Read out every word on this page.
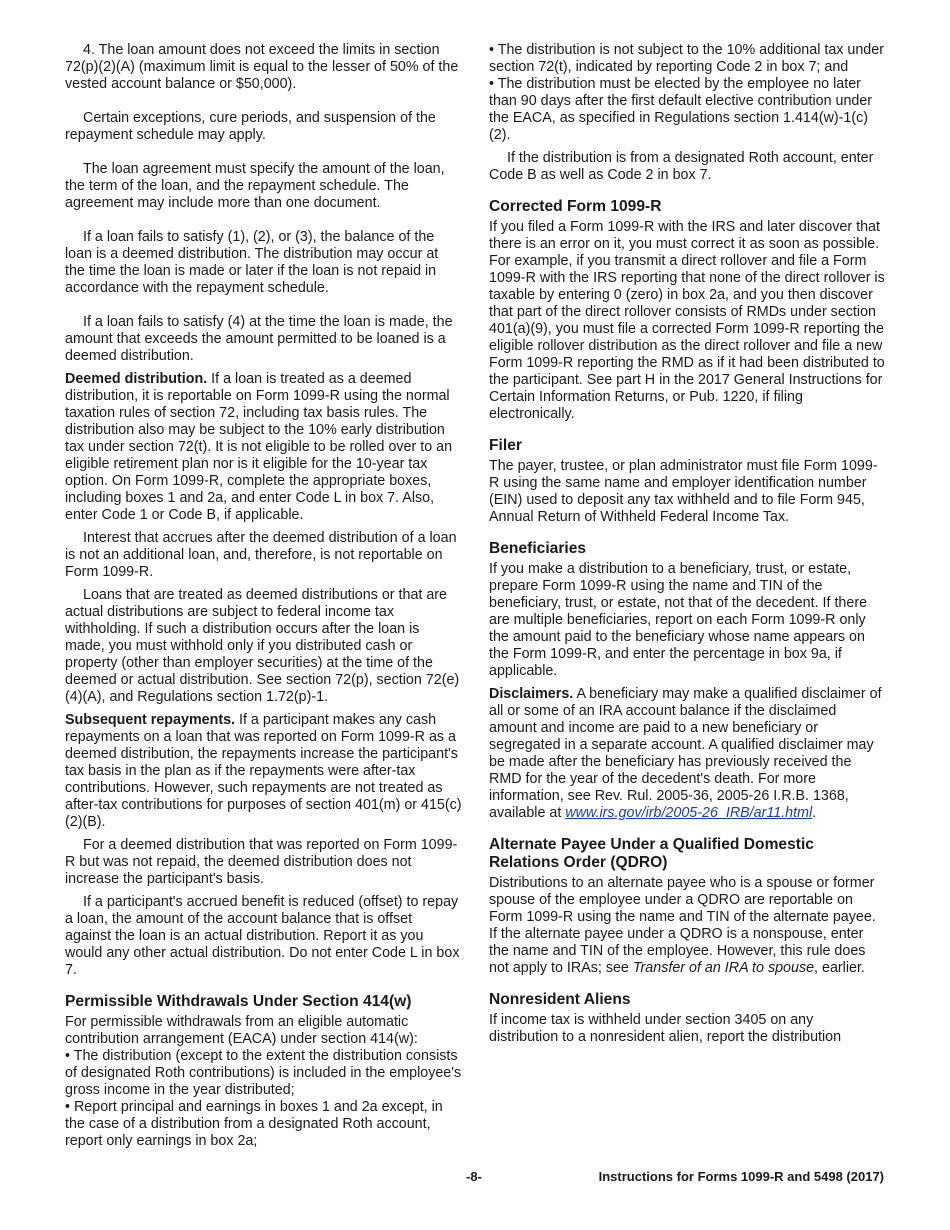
4. The loan amount does not exceed the limits in section 72(p)(2)(A) (maximum limit is equal to the lesser of 50% of the vested account balance or $50,000).

Certain exceptions, cure periods, and suspension of the repayment schedule may apply.

The loan agreement must specify the amount of the loan, the term of the loan, and the repayment schedule. The agreement may include more than one document.

If a loan fails to satisfy (1), (2), or (3), the balance of the loan is a deemed distribution. The distribution may occur at the time the loan is made or later if the loan is not repaid in accordance with the repayment schedule.

If a loan fails to satisfy (4) at the time the loan is made, the amount that exceeds the amount permitted to be loaned is a deemed distribution.

Deemed distribution. If a loan is treated as a deemed distribution, it is reportable on Form 1099-R using the normal taxation rules of section 72, including tax basis rules. The distribution also may be subject to the 10% early distribution tax under section 72(t). It is not eligible to be rolled over to an eligible retirement plan nor is it eligible for the 10-year tax option. On Form 1099-R, complete the appropriate boxes, including boxes 1 and 2a, and enter Code L in box 7. Also, enter Code 1 or Code B, if applicable.

Interest that accrues after the deemed distribution of a loan is not an additional loan, and, therefore, is not reportable on Form 1099-R.

Loans that are treated as deemed distributions or that are actual distributions are subject to federal income tax withholding. If such a distribution occurs after the loan is made, you must withhold only if you distributed cash or property (other than employer securities) at the time of the deemed or actual distribution. See section 72(p), section 72(e)(4)(A), and Regulations section 1.72(p)-1.

Subsequent repayments. If a participant makes any cash repayments on a loan that was reported on Form 1099-R as a deemed distribution, the repayments increase the participant's tax basis in the plan as if the repayments were after-tax contributions. However, such repayments are not treated as after-tax contributions for purposes of section 401(m) or 415(c)(2)(B).

For a deemed distribution that was reported on Form 1099-R but was not repaid, the deemed distribution does not increase the participant's basis.

If a participant's accrued benefit is reduced (offset) to repay a loan, the amount of the account balance that is offset against the loan is an actual distribution. Report it as you would any other actual distribution. Do not enter Code L in box 7.

Permissible Withdrawals Under Section 414(w)

For permissible withdrawals from an eligible automatic contribution arrangement (EACA) under section 414(w):

• The distribution (except to the extent the distribution consists of designated Roth contributions) is included in the employee's gross income in the year distributed;

• Report principal and earnings in boxes 1 and 2a except, in the case of a distribution from a designated Roth account, report only earnings in box 2a;

• The distribution is not subject to the 10% additional tax under section 72(t), indicated by reporting Code 2 in box 7; and

• The distribution must be elected by the employee no later than 90 days after the first default elective contribution under the EACA, as specified in Regulations section 1.414(w)-1(c)(2).

If the distribution is from a designated Roth account, enter Code B as well as Code 2 in box 7.

Corrected Form 1099-R

If you filed a Form 1099-R with the IRS and later discover that there is an error on it, you must correct it as soon as possible. For example, if you transmit a direct rollover and file a Form 1099-R with the IRS reporting that none of the direct rollover is taxable by entering 0 (zero) in box 2a, and you then discover that part of the direct rollover consists of RMDs under section 401(a)(9), you must file a corrected Form 1099-R reporting the eligible rollover distribution as the direct rollover and file a new Form 1099-R reporting the RMD as if it had been distributed to the participant. See part H in the 2017 General Instructions for Certain Information Returns, or Pub. 1220, if filing electronically.

Filer

The payer, trustee, or plan administrator must file Form 1099-R using the same name and employer identification number (EIN) used to deposit any tax withheld and to file Form 945, Annual Return of Withheld Federal Income Tax.

Beneficiaries

If you make a distribution to a beneficiary, trust, or estate, prepare Form 1099-R using the name and TIN of the beneficiary, trust, or estate, not that of the decedent. If there are multiple beneficiaries, report on each Form 1099-R only the amount paid to the beneficiary whose name appears on the Form 1099-R, and enter the percentage in box 9a, if applicable.

Disclaimers. A beneficiary may make a qualified disclaimer of all or some of an IRA account balance if the disclaimed amount and income are paid to a new beneficiary or segregated in a separate account. A qualified disclaimer may be made after the beneficiary has previously received the RMD for the year of the decedent's death. For more information, see Rev. Rul. 2005-36, 2005-26 I.R.B. 1368, available at www.irs.gov/irb/2005-26_IRB/ar11.html.

Alternate Payee Under a Qualified Domestic Relations Order (QDRO)

Distributions to an alternate payee who is a spouse or former spouse of the employee under a QDRO are reportable on Form 1099-R using the name and TIN of the alternate payee. If the alternate payee under a QDRO is a nonspouse, enter the name and TIN of the employee. However, this rule does not apply to IRAs; see Transfer of an IRA to spouse, earlier.

Nonresident Aliens

If income tax is withheld under section 3405 on any distribution to a nonresident alien, report the distribution

-8-	Instructions for Forms 1099-R and 5498 (2017)
